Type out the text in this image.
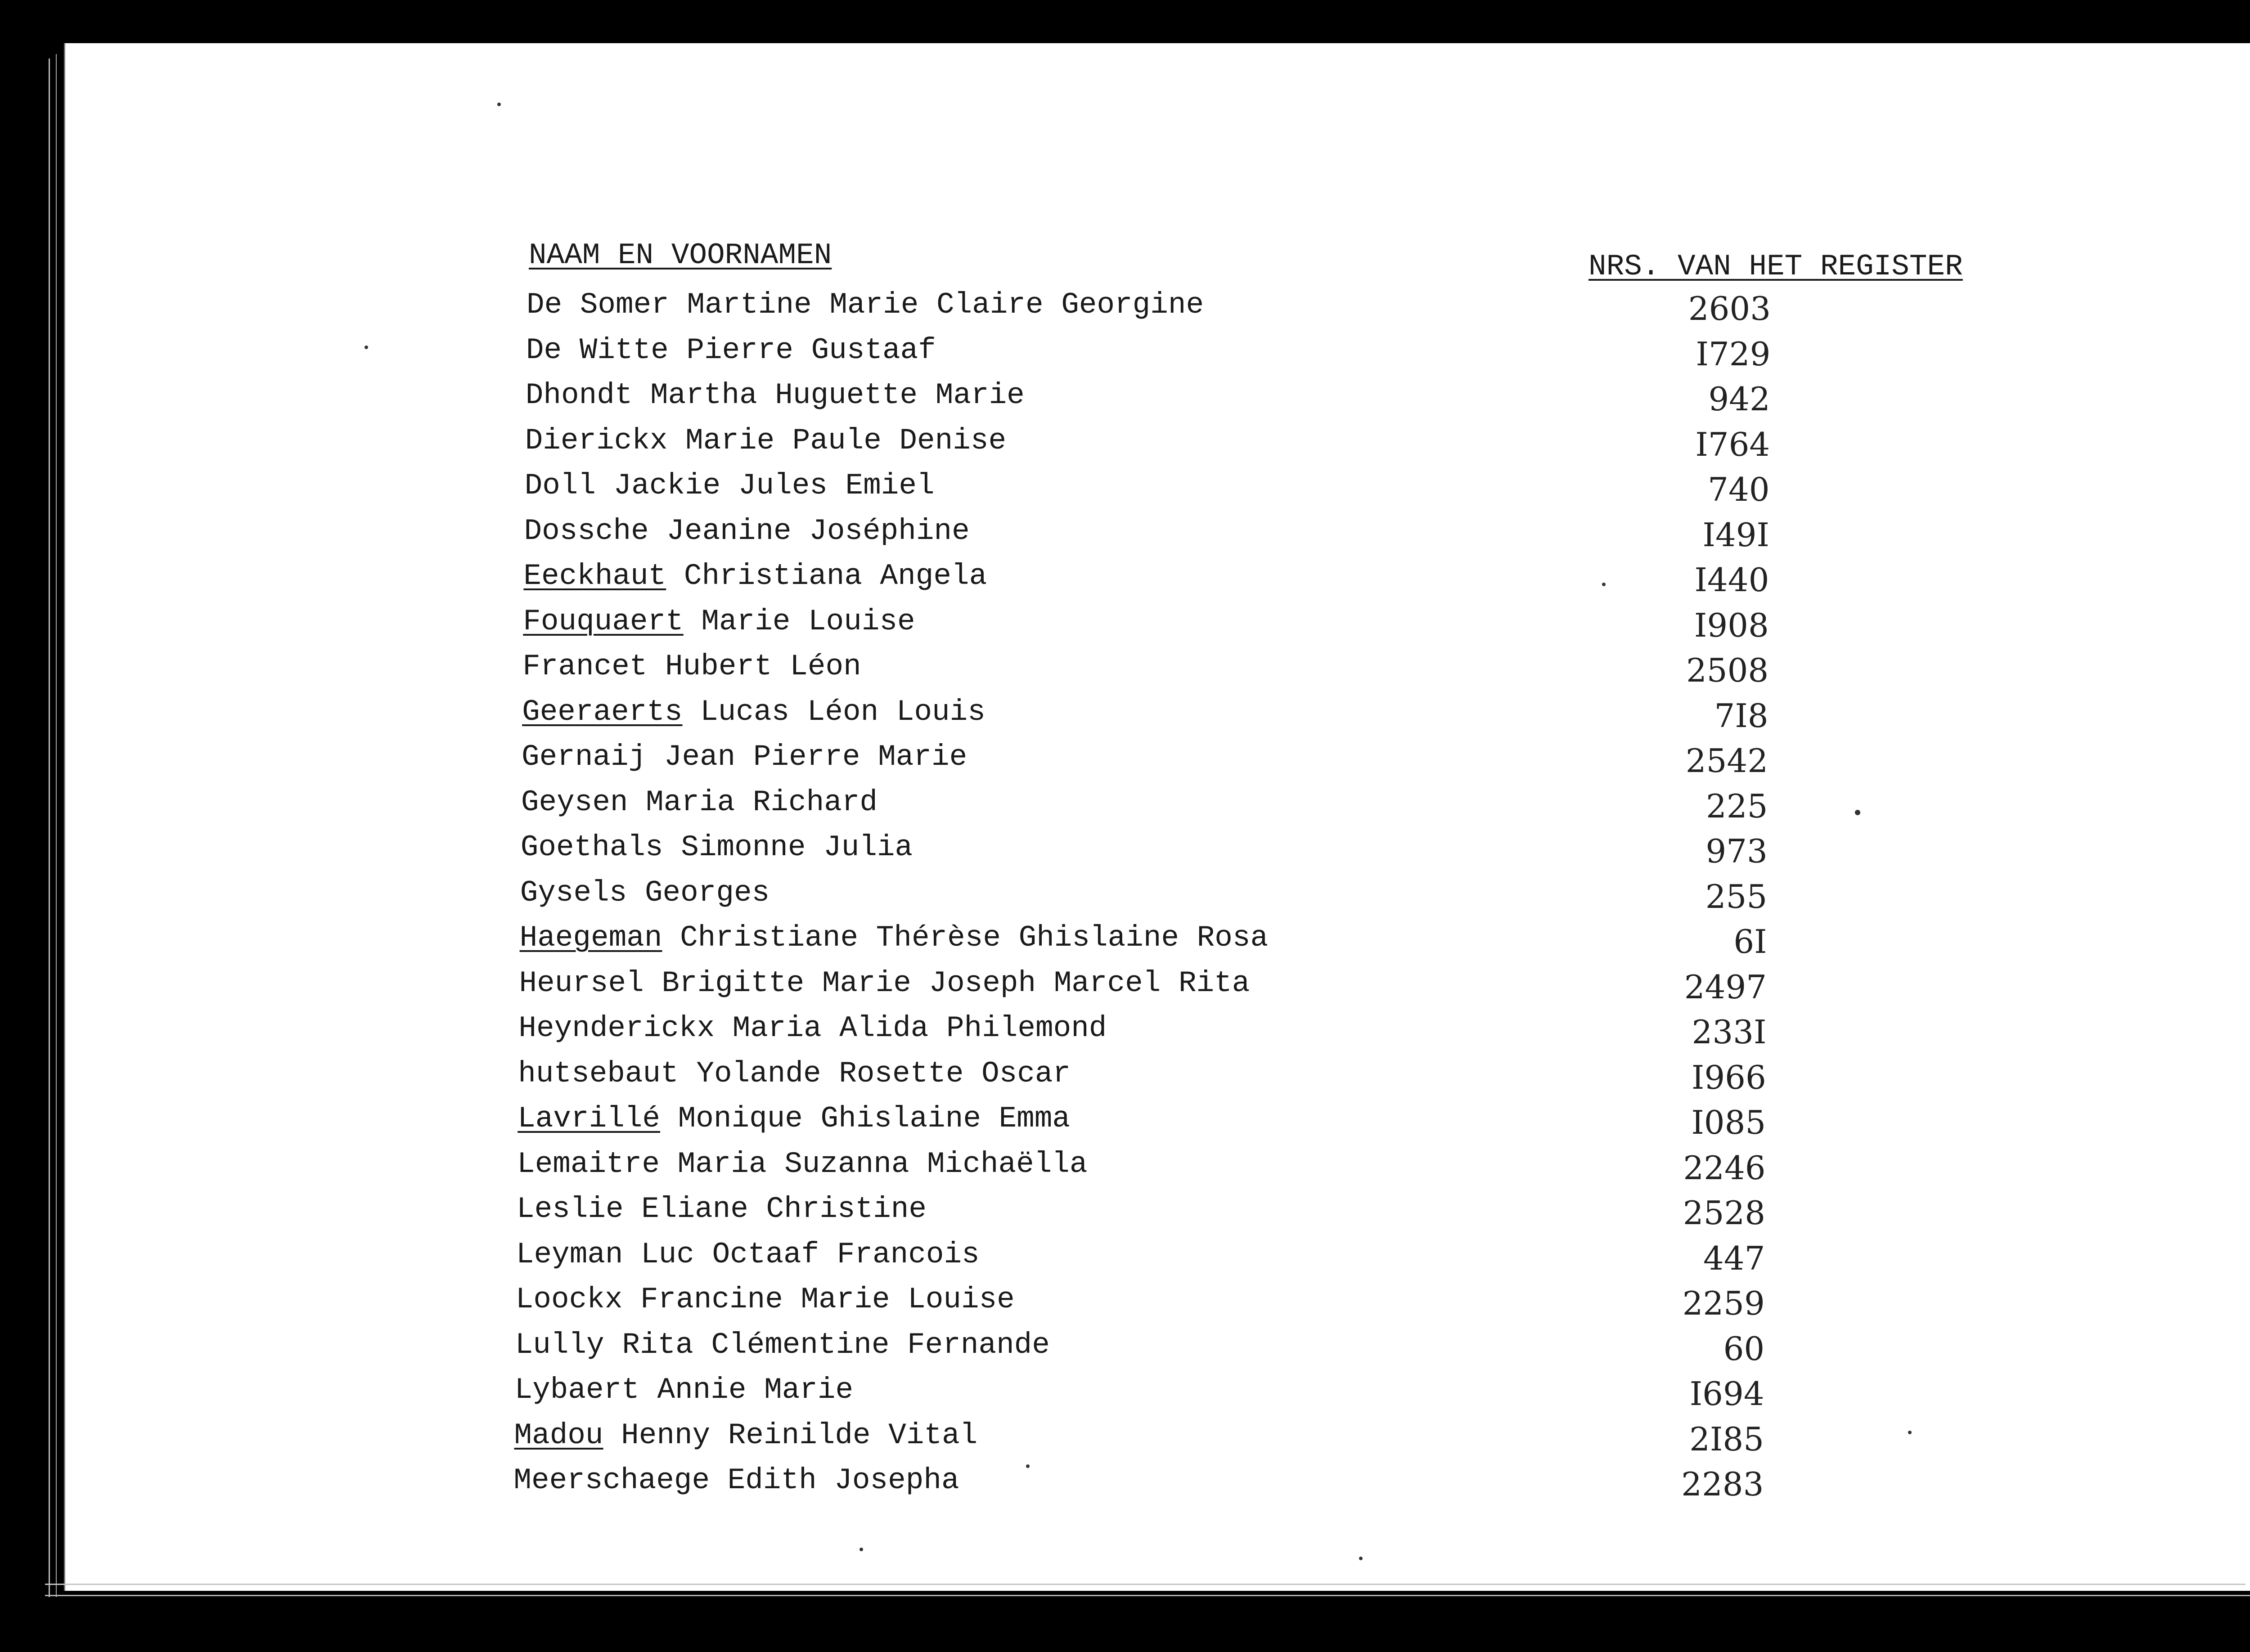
NAAM EN VOORNAMEN	NRS. VAN HET REGISTER
De Somer Martine Marie Claire Georgine	2603
De Witte Pierre Gustaaf	I729
Dhondt Martha Huguette Marie	942
Dierickx Marie Paule Denise	I764
Doll Jackie Jules Emiel	740
Dossche Jeanine Joséphine	I49I
Eeckhaut Christiana Angela	I440
Fouquaert Marie Louise	I908
Francet Hubert Léon	2508
Geeraerts Lucas Léon Louis	7I8
Gernaij Jean Pierre Marie	2542
Geysen Maria Richard	225
Goethals Simonne Julia	973
Gysels Georges	255
Haegeman Christiane Thérèse Ghislaine Rosa	6I
Heursel Brigitte Marie Joseph Marcel Rita	2497
Heynderickx Maria Alida Philemond	233I
hutsebaut Yolande Rosette Oscar	I966
Lavrillé Monique Ghislaine Emma	I085
Lemaitre Maria Suzanna Michaëlla	2246
Leslie Eliane Christine	2528
Leyman Luc Octaaf Francois	447
Loockx Francine Marie Louise	2259
Lully Rita Clémentine Fernande	60
Lybaert Annie Marie	I694
Madou Henny Reinilde Vital	2I85
Meerschaege Edith Josepha	2283
